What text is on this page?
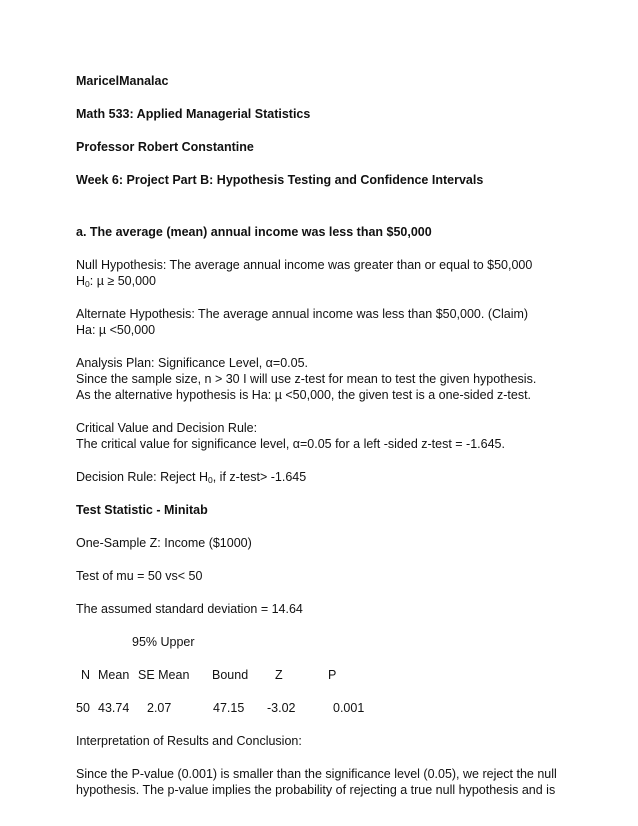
MaricelManalac
Math 533: Applied Managerial Statistics
Professor Robert Constantine
Week 6: Project Part B: Hypothesis Testing and Confidence Intervals
a. The average (mean) annual income was less than $50,000
Null Hypothesis: The average annual income was greater than or equal to $50,000
$H_0$: µ ≥ 50,000
Alternate Hypothesis: The average annual income was less than $50,000. (Claim)
Ha: µ <50,000
Analysis Plan: Significance Level, α=0.05.
Since the sample size, n > 30 I will use z-test for mean to test the given hypothesis.
As the alternative hypothesis is Ha: µ <50,000, the given test is a one-sided z-test.
Critical Value and Decision Rule:
The critical value for significance level, α=0.05 for a left -sided z-test = -1.645.
Decision Rule: Reject $H_0$, if z-test> -1.645
Test Statistic - Minitab
One-Sample Z: Income ($1000)
Test of mu = 50 vs< 50
The assumed standard deviation = 14.64
95% Upper
N Mean SE Mean Bound Z	P
50 43.74 2.07	47.15 -3.02	0.001
Interpretation of Results and Conclusion:
Since the P-value (0.001) is smaller than the significance level (0.05), we reject the null
hypothesis. The p-value implies the probability of rejecting a true null hypothesis and is
